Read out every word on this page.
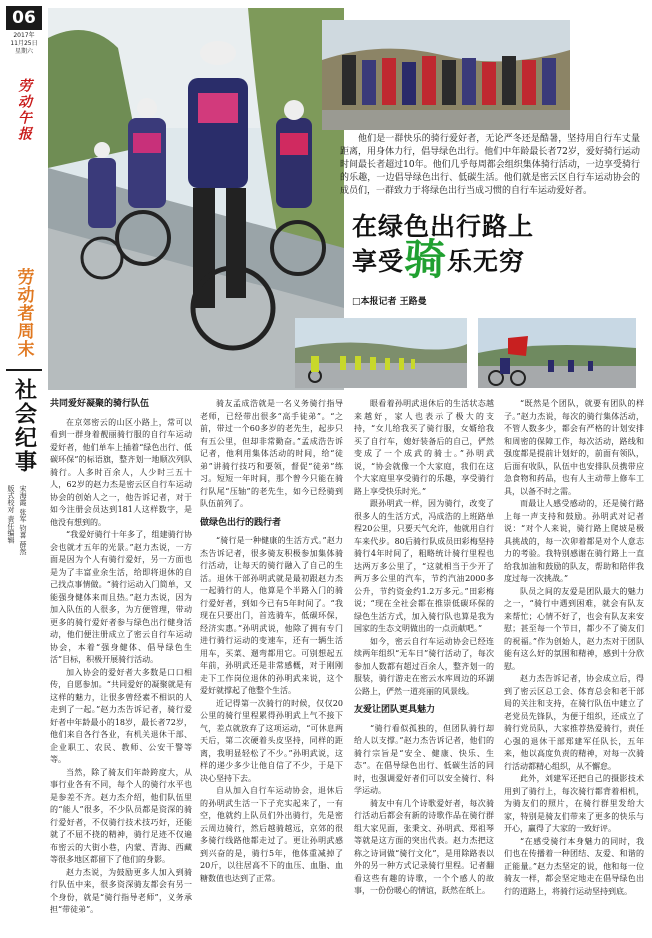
06
2017年
11月25日
星期六
劳动午报
劳动者周末
社会纪事
版式校对 责任编辑 宋海霞 张军 钧喜 薛然
他们是一群快乐的骑行爱好者，无论严冬还是酷暑，坚持用自行车丈量距离，用身体力行，倡导绿色出行。他们中年龄最长者72岁，爱好骑行运动时间最长者超过10年。他们几乎每周都会组织集体骑行活动，一边享受骑行的乐趣，一边倡导绿色出行、低碳生活。他们就是密云区自行车运动协会的成员们，一群致力于将绿色出行当成习惯的自行车运动爱好者。
在绿色出行路上
享受骑乐无穷
□本报记者 王路曼
共同爱好凝聚的骑行队伍

在京郊密云的山区小路上，常可以看到一群身着靓丽骑行服的自行车运动爱好者，他们单车上插着“绿色出行、低碳环保”的标语旗，整齐划一地顺次列队骑行。人多时百余人，人少时三五十人，62岁的赵力杰是密云区自行车运动协会的创始人之一，他告诉记者，对于如今注册会员达到181人这样数字，是他没有想到的。

“我爱好骑行十年多了，组建骑行协会也就才五年的光景。”赵力杰说，一方面是因为个人有骑行爱好，另一方面也是为了丰富业余生活，给即将退休的自己找点事情做。“骑行运动入门简单，又能强身健体来而且热。”赵力杰说，因为加入队伍的人很多，为方便管理，带动更多的骑行爱好者参与绿色出行健身活动，他们便注册成立了密云自行车运动协会，本着“强身健体、倡导绿色生活”目标，积极开展骑行活动。

加入协会的爱好者大多数是口口相传，自愿参加。“共同爱好的凝聚就是有这样的魅力，让很多曾经素不相识的人走到了一起。”赵力杰告诉记者，骑行爱好者中年龄最小的18岁，最长者72岁，他们来自各行各业，有机关退休干部、企业职工、农民、教师、公安干警等等。

当然，除了骑友们年龄跨度大，从事行业各有不同，每个人的骑行水平也是参差不齐。赵力杰介绍，他们队伍里的“能人”很多，不少队员都是资深的骑行爱好者，不仅骑行技术技巧好，还能就了不屈不挠的精神，骑行足迹不仅遍布密云的大街小巷，内蒙、青海、西藏等很多地区都留下了他们的身影。

赵力杰说，为鼓励更多人加入到骑行队伍中来，很多资深骑友都会有另一个身份，就是“骑行指导老师”，义务承担“带徒弟”。

骑友孟成浩就是一名义务骑行指导老师，已经带出很多“高手徒弟”。“之前，带过一个60多岁的老先生，起步只有五公里，但却非常勤奋。”孟成浩告诉记者，他利用集体活动的时间，给“徒弟”讲骑行技巧和要领，督促“徒弟”练习。短短一年时间，那个曾今只能在骑行队尾“压轴”的老先生，如今已经骑到队伍前列了。

做绿色出行的践行者

“骑行是一种健康的生活方式。”赵力杰告诉记者，很多骑友积极参加集体骑行活动，让每天的骑行融入了自己的生活。退休干部孙明武就是最初跟赵力杰一起骑行的人，他算是个半路入门的骑行爱好者，到如今已有5年时间了。“我现在只要出门，首选骑车，低碳环保，经济实惠。”孙明武说，他除了拥有专门进行骑行运动的变速车，还有一辆生活用车，买菜、遛弯都用它。可别想起五年前，孙明武还是非常感概，对于刚刚走下工作岗位退休的孙明武来说，这个爱好就撑起了他整个生活。

近记得第一次骑行的时候，仅仅20公里的骑行里程累得孙明武上气不接下气，差点就放弃了这项运动，“可休息两天后，第二次硬着头皮坚持，同样的距离，我明显轻松了不少。”孙明武说，这样的递少多少让他自信了不少，于是下决心坚持下去。

自从加入自行车运动协会，退休后的孙明武生活一下子充实起来了，一有空，他就约上队员们外出骑行，先是密云周边骑行，然后越骑越远，京郊的很多骑行线路他都走过了。更让孙明武感到兴奋的是，骑行5年，他体重减掉了20斤，以往居高不下的血压、血脂、血糖数值也达到了正常。

眼看着孙明武退休后的生活状态越来越好，家人也表示了极大的支持，“女儿给我买了骑行服，女婿给我买了自行车，媳好装备后的自己，俨然变成了一个成武的骑士。”孙明武说，“协会就像一个大家庭，我们在这个大家庭里享受骑行的乐趣，享受骑行路上享受快乐时光。”

跟孙明武一样，因为骑行，改变了很多人的生活方式，冯成浩的上班路单程20公里，只要天气允许，他就用自行车来代步。80后骑行队成员田彩梅坚持骑行4年时间了，粗略统计骑行里程也达两万多公里了，“这就相当于少开了两万多公里的汽车，节约汽油2000多公升，节约资金约1.2万多元。”田彩梅说；“现在全社会都在推崇低碳环保的绿色生活方式，加入骑行队也算是我为国家的生态文明做出的一点贡献吧。”

如今，密云自行车运动协会已经连续两年组织“无车日”骑行活动了，每次参加人数都有超过百余人，整齐划一的服装，骑行游走在密云水库周边的环湖公路上，俨然一道亮丽的风景线。

友爱让团队更具魅力

“骑行看似孤独的，但团队骑行却给人以支撑。”赵力杰告诉记者，他们的骑行宗旨是“安全、健康、快乐、生态”。在倡导绿色出行、低碳生活的同时，也强调爱好者们可以安全骑行、科学运动。

骑友中有几个诗歌爱好者，每次骑行活动后都会有新的诗歌作品在骑行群组大家见面，张秉文、孙明武、郑祖琴等就是这方面的突出代表。赵力杰把这称之诗词做“骑行文化”，是用除路表以外的另一种方式记录骑行里程。记者翻看这些有趣的诗歌，一个个感人的故事，一份份暖心的情谊，跃然在纸上。

“既然是个团队，就要有团队的样子。”赵力杰说，每次的骑行集体活动，不管人数多少，都会有严格的计划安排和周密的保障工作，每次活动，路线和强度都是提前计划好的，前面有领队，后面有收队，队伍中也安排队员携带应急食物和药品，也有人主动带上修车工具，以备不时之需。

而最让人感受感动的，还是骑行路上每一声支持和鼓励。孙明武对记者说：“对个人来说，骑行路上爬坡是极具挑战的，每一次卯着都是对个人意志力的考验。我特别感谢在骑行路上一直给我加油和鼓励的队友，帮助和陪伴我度过每一次挑战。”

队员之间的友爱是团队最大的魅力之一，“骑行中遇到困难，就会有队友来帮忙；心情不好了，也会有队友来安慰；甚至每一个节日，都少不了骑友们的祝福。”作为创始人，赵力杰对于团队能有这么好的氛围和精神，感到十分欣慰。

赵力杰告诉记者，协会成立后，得到了密云区总工会、体育总会和老干部局的关注和支持，在骑行队伍中建立了老党员先锋队，为便于组织，还成立了骑行党员队，大家推荐热爱骑行，责任心强的退休干部郑建军任队长，五年来，他以高度负责的精神，对每一次骑行活动都精心组织，从不懈怠。

此外，刘建军还把自己的摄影技术用到了骑行上，每次骑行都背着相机，为骑友们的照片，在骑行群里发给大家，特别是骑友们带来了更多的快乐与开心，赢得了大家的一致好评。

“在感受骑行本身魅力的同时，我们也在传播着一种团结、友爱、和谐的正能量。”赵力杰坚定的说，他和每一位骑友一样，都会坚定地走在倡导绿色出行的道路上，将骑行运动坚持到底。
